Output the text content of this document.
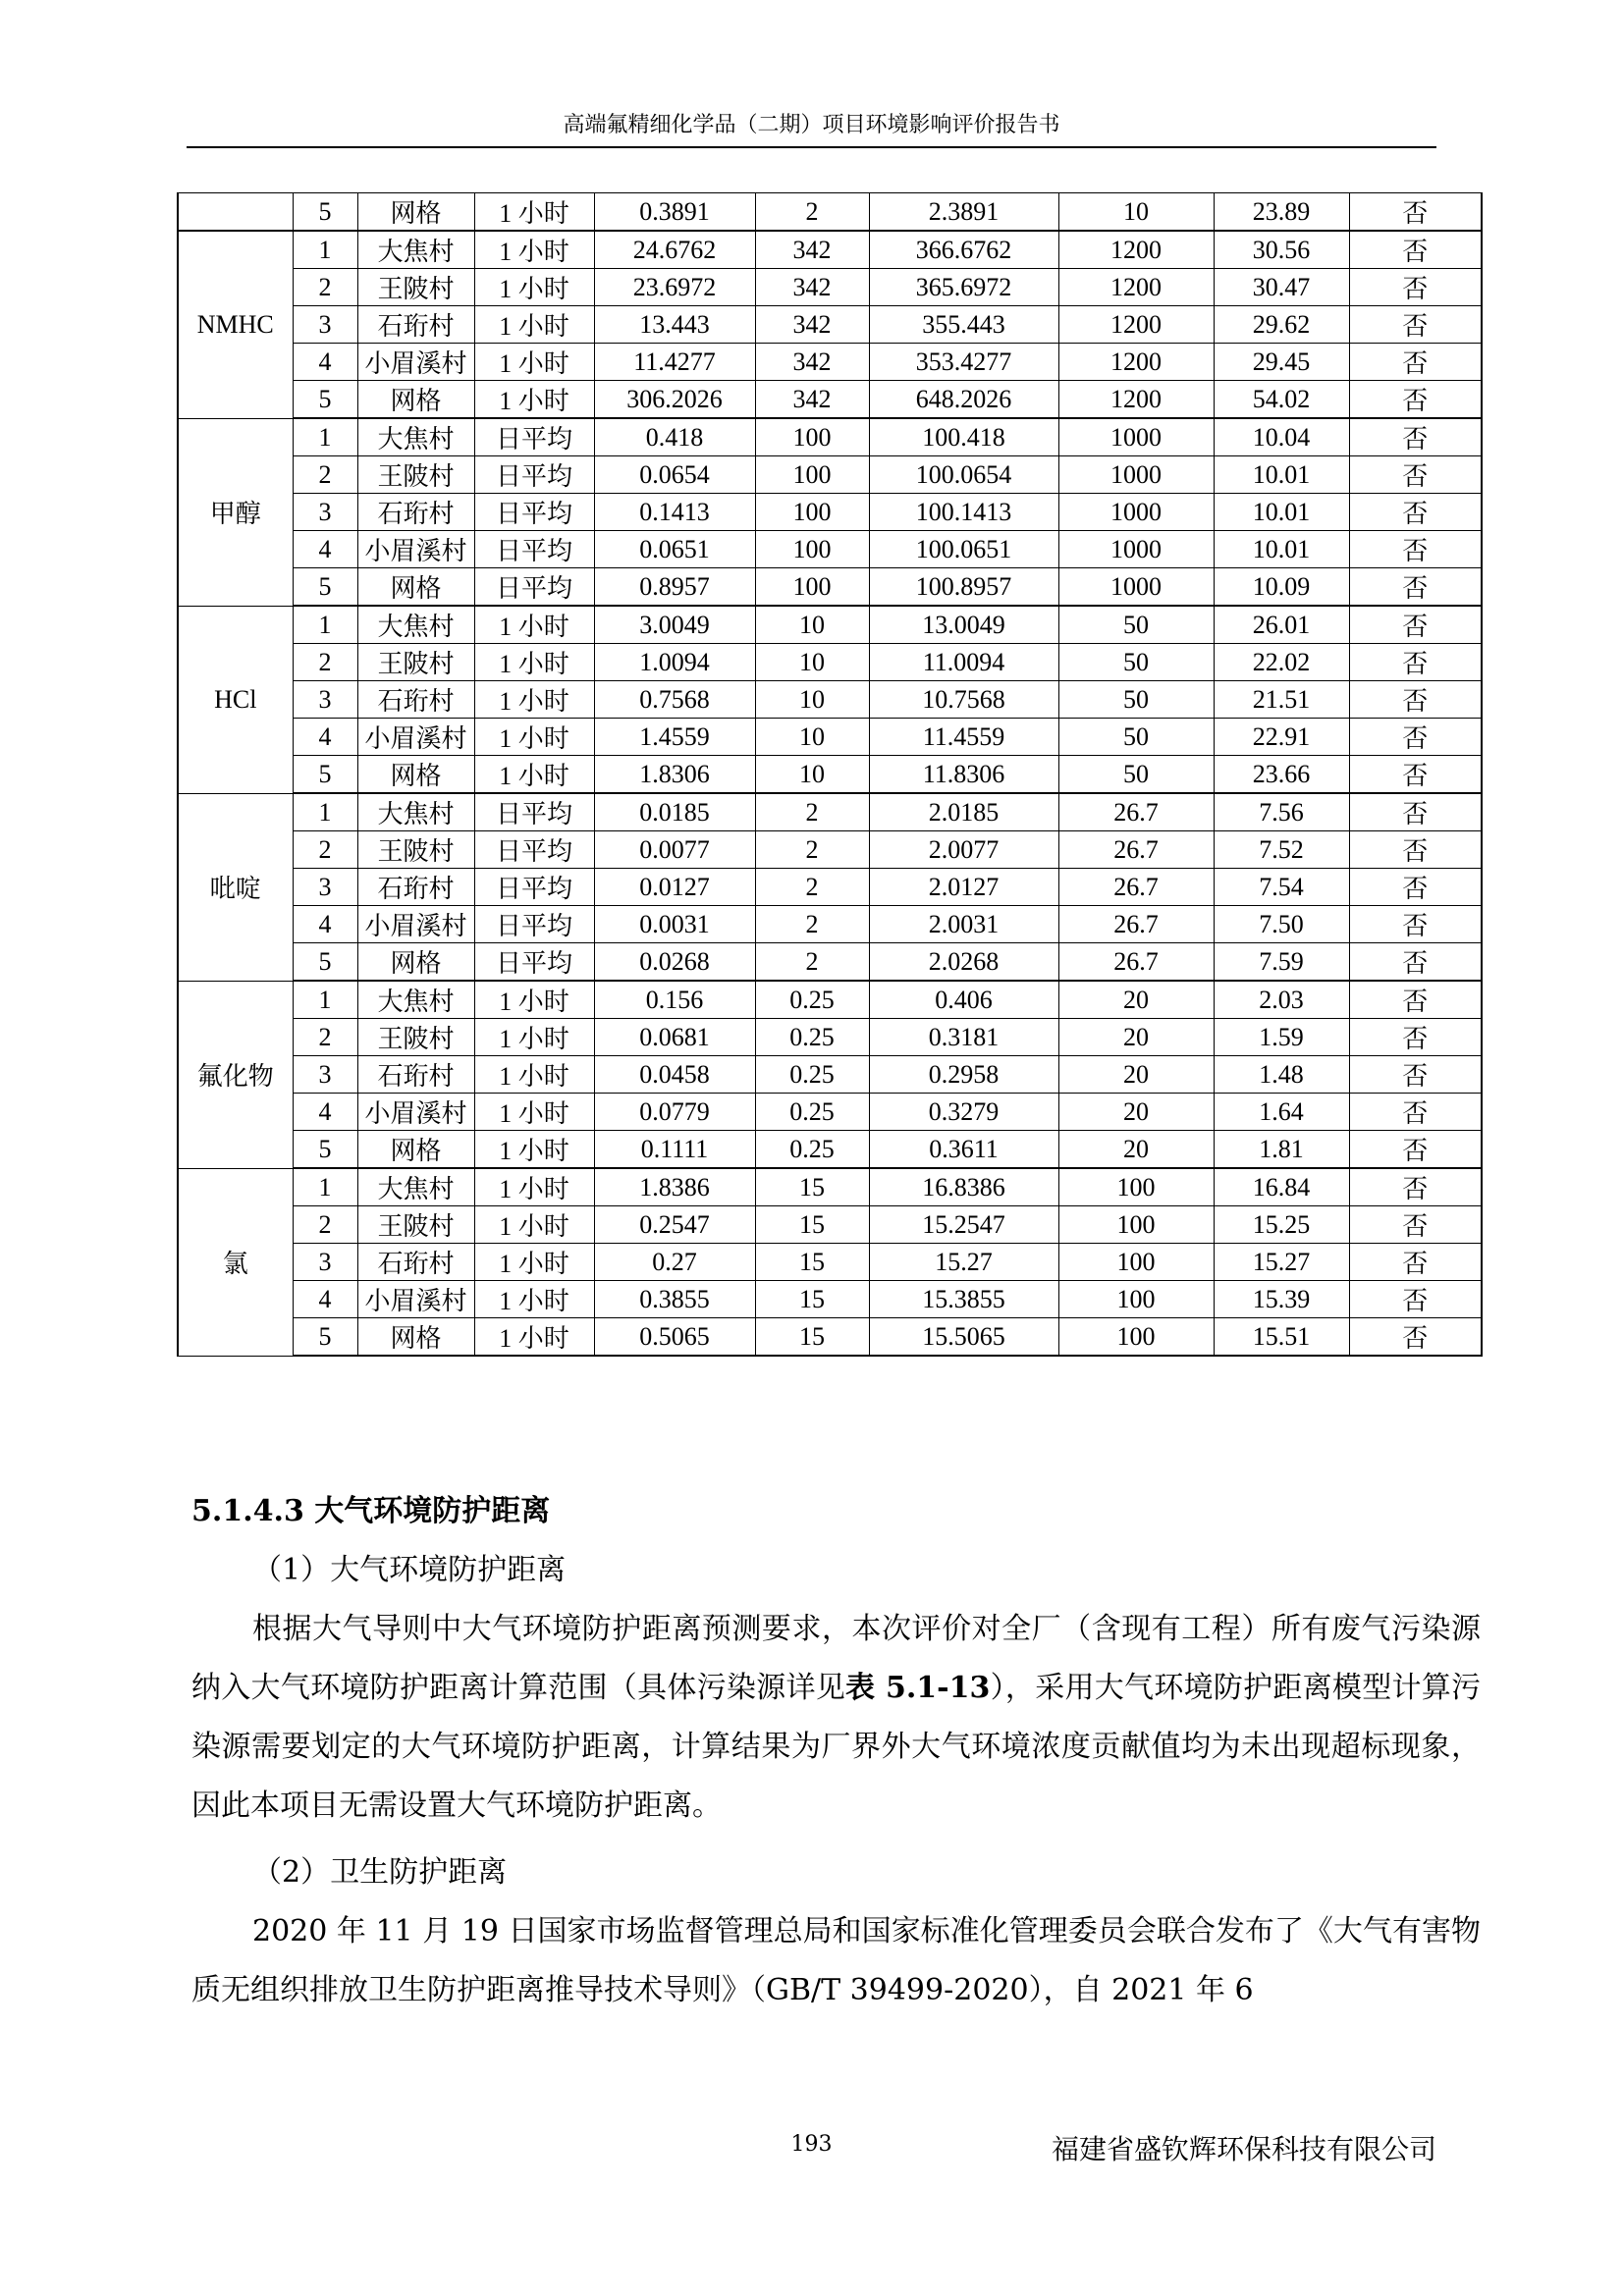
高端氟精细化学品（二期）项目环境影响评价报告书
	5	网格	1 小时	0.3891	2	2.3891	10	23.89	否
NMHC	1	大焦村	1 小时	24.6762	342	366.6762	1200	30.56	否
	2	王陂村	1 小时	23.6972	342	365.6972	1200	30.47	否
	3	石珩村	1 小时	13.443	342	355.443	1200	29.62	否
	4	小眉溪村	1 小时	11.4277	342	353.4277	1200	29.45	否
	5	网格	1 小时	306.2026	342	648.2026	1200	54.02	否
甲醇	1	大焦村	日平均	0.418	100	100.418	1000	10.04	否
	2	王陂村	日平均	0.0654	100	100.0654	1000	10.01	否
	3	石珩村	日平均	0.1413	100	100.1413	1000	10.01	否
	4	小眉溪村	日平均	0.0651	100	100.0651	1000	10.01	否
	5	网格	日平均	0.8957	100	100.8957	1000	10.09	否
HCl	1	大焦村	1 小时	3.0049	10	13.0049	50	26.01	否
	2	王陂村	1 小时	1.0094	10	11.0094	50	22.02	否
	3	石珩村	1 小时	0.7568	10	10.7568	50	21.51	否
	4	小眉溪村	1 小时	1.4559	10	11.4559	50	22.91	否
	5	网格	1 小时	1.8306	10	11.8306	50	23.66	否
吡啶	1	大焦村	日平均	0.0185	2	2.0185	26.7	7.56	否
	2	王陂村	日平均	0.0077	2	2.0077	26.7	7.52	否
	3	石珩村	日平均	0.0127	2	2.0127	26.7	7.54	否
	4	小眉溪村	日平均	0.0031	2	2.0031	26.7	7.50	否
	5	网格	日平均	0.0268	2	2.0268	26.7	7.59	否
氟化物	1	大焦村	1 小时	0.156	0.25	0.406	20	2.03	否
	2	王陂村	1 小时	0.0681	0.25	0.3181	20	1.59	否
	3	石珩村	1 小时	0.0458	0.25	0.2958	20	1.48	否
	4	小眉溪村	1 小时	0.0779	0.25	0.3279	20	1.64	否
	5	网格	1 小时	0.1111	0.25	0.3611	20	1.81	否
氯	1	大焦村	1 小时	1.8386	15	16.8386	100	16.84	否
	2	王陂村	1 小时	0.2547	15	15.2547	100	15.25	否
	3	石珩村	1 小时	0.27	15	15.27	100	15.27	否
	4	小眉溪村	1 小时	0.3855	15	15.3855	100	15.39	否
	5	网格	1 小时	0.5065	15	15.5065	100	15.51	否

5.1.4.3 大气环境防护距离

（1）大气环境防护距离

根据大气导则中大气环境防护距离预测要求，本次评价对全厂（含现有工程）所有废气污染源纳入大气环境防护距离计算范围（具体污染源详见表 5.1-13），采用大气环境防护距离模型计算污染源需要划定的大气环境防护距离，计算结果为厂界外大气环境浓度贡献值均为未出现超标现象，因此本项目无需设置大气环境防护距离。

（2）卫生防护距离

2020 年 11 月 19 日国家市场监督管理总局和国家标准化管理委员会联合发布了《大气有害物质无组织排放卫生防护距离推导技术导则》（GB/T 39499-2020），自 2021 年 6

193	福建省盛钦辉环保科技有限公司
